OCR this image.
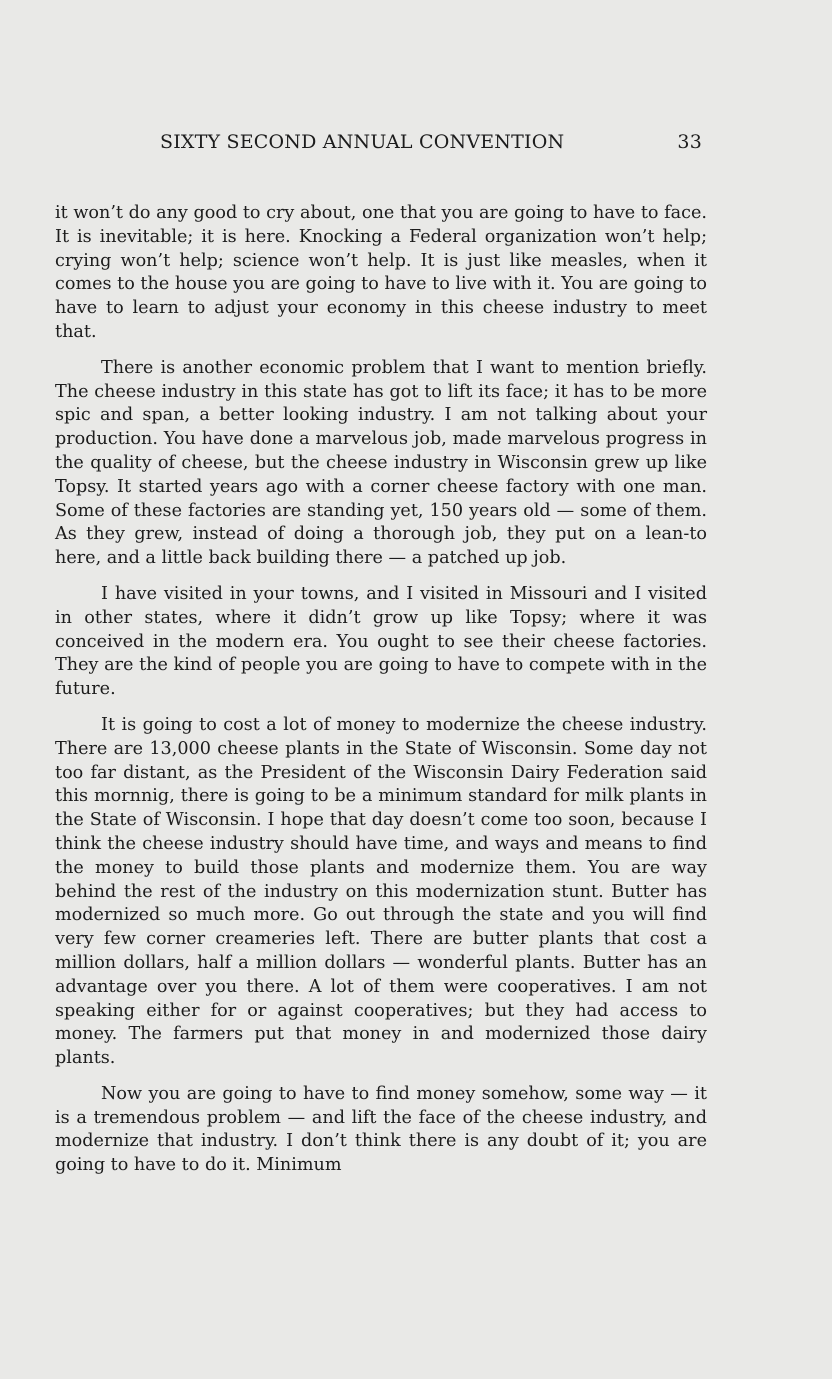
SIXTY SECOND ANNUAL CONVENTION	33

it won’t do any good to cry about, one that you are going to have to face. It is inevitable; it is here. Knocking a Federal organization won’t help; crying won’t help; science won’t help. It is just like measles, when it comes to the house you are going to have to live with it. You are going to have to learn to adjust your economy in this cheese industry to meet that.

There is another economic problem that I want to mention briefly. The cheese industry in this state has got to lift its face; it has to be more spic and span, a better looking industry. I am not talking about your production. You have done a marvelous job, made marvelous progress in the quality of cheese, but the cheese industry in Wisconsin grew up like Topsy. It started years ago with a corner cheese factory with one man. Some of these factories are standing yet, 150 years old — some of them. As they grew, instead of doing a thorough job, they put on a lean-to here, and a little back building there — a patched up job.

I have visited in your towns, and I visited in Missouri and I visited in other states, where it didn’t grow up like Topsy; where it was conceived in the modern era. You ought to see their cheese factories. They are the kind of people you are going to have to compete with in the future.

It is going to cost a lot of money to modernize the cheese industry. There are 13,000 cheese plants in the State of Wisconsin. Some day not too far distant, as the President of the Wisconsin Dairy Federation said this mornnig, there is going to be a minimum standard for milk plants in the State of Wisconsin. I hope that day doesn’t come too soon, because I think the cheese industry should have time, and ways and means to find the money to build those plants and modernize them. You are way behind the rest of the industry on this modernization stunt. Butter has modernized so much more. Go out through the state and you will find very few corner creameries left. There are butter plants that cost a million dollars, half a million dollars — wonderful plants. Butter has an advantage over you there. A lot of them were cooperatives. I am not speaking either for or against cooperatives; but they had access to money. The farmers put that money in and modernized those dairy plants.

Now you are going to have to find money somehow, some way — it is a tremendous problem — and lift the face of the cheese industry, and modernize that industry. I don’t think there is any doubt of it; you are going to have to do it. Minimum
